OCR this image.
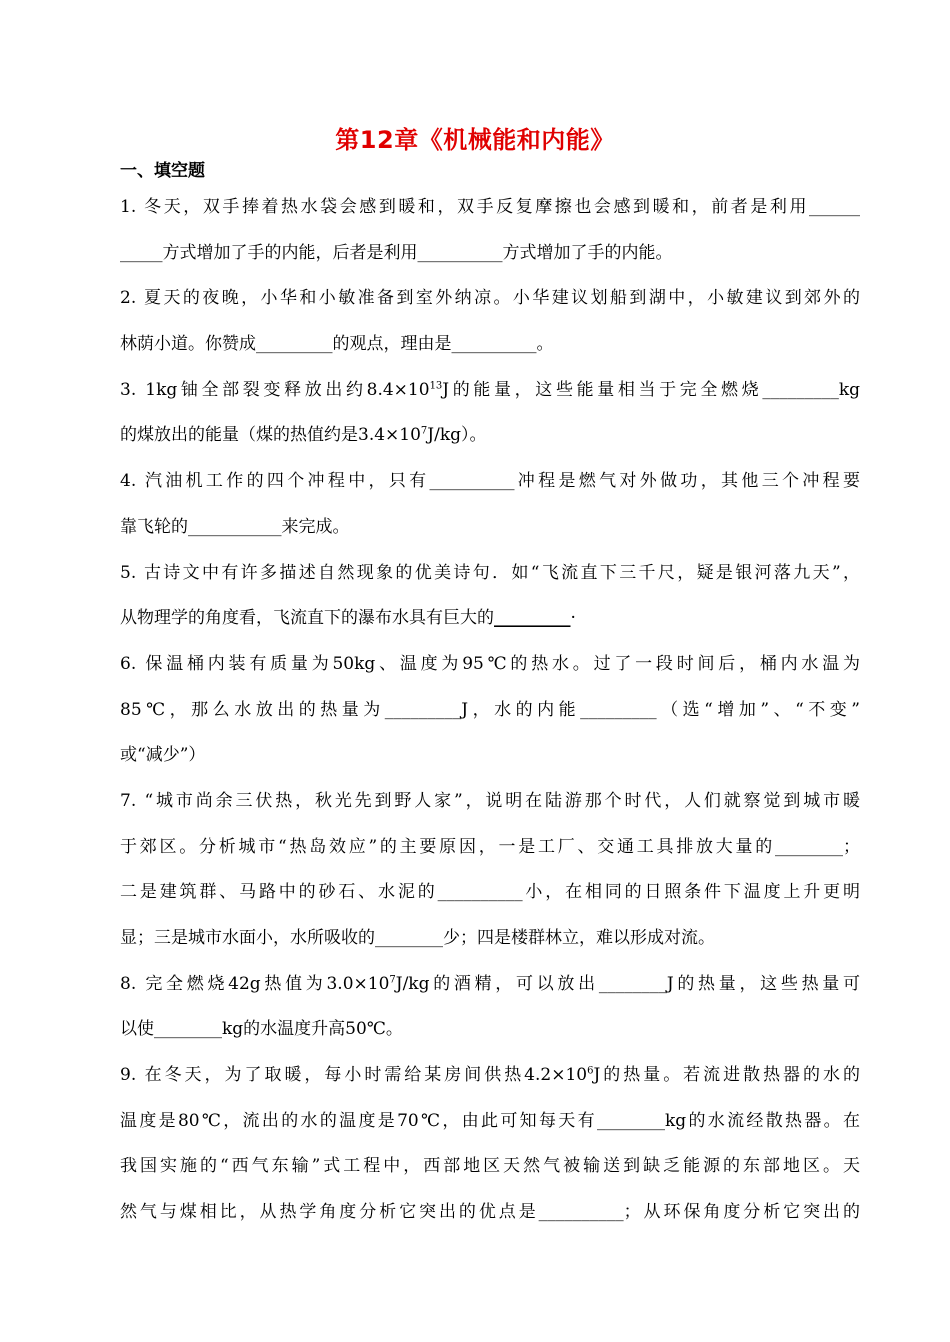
第12章《机械能和内能》
一、填空题
1. 冬天，双手捧着热水袋会感到暖和，双手反复摩擦也会感到暖和，前者是利用______
_____方式增加了手的内能，后者是利用__________方式增加了手的内能。
2. 夏天的夜晚，小华和小敏准备到室外纳凉。小华建议划船到湖中，小敏建议到郊外的
林荫小道。你赞成_________的观点，理由是__________。
3. 1kg铀全部裂变释放出约$8.4\times 10^{13}J$的能量，这些能量相当于完全燃烧_________kg
的煤放出的能量（煤的热值约是$3.4\times 10^7J/kg$）。
4. 汽油机工作的四个冲程中，只有__________冲程是燃气对外做功，其他三个冲程要
靠飞轮的___________来完成。
5. 古诗文中有许多描述自然现象的优美诗句．如“飞流直下三千尺，疑是银河落九天”，
从物理学的角度看，飞流直下的瀑布水具有巨大的_________·
6. 保温桶内装有质量为50kg、温度为95℃的热水。过了一段时间后，桶内水温为
85℃，那么水放出的热量为_________J，水的内能_________（选“增加”、“不变”
或“减少”）
7. “城市尚余三伏热，秋光先到野人家”，说明在陆游那个时代，人们就察觉到城市暖
于郊区。分析城市“热岛效应”的主要原因，一是工厂、交通工具排放大量的________；
二是建筑群、马路中的砂石、水泥的__________小，在相同的日照条件下温度上升更明
显；三是城市水面小，水所吸收的________少；四是楼群林立，难以形成对流。
8. 完全燃烧42g热值为$3.0\times 10^7J/kg$的酒精，可以放出________J的热量，这些热量可
以使________kg的水温度升高50℃。
9. 在冬天，为了取暖，每小时需给某房间供热$4.2\times 10^6J$的热量。若流进散热器的水的
温度是80℃，流出的水的温度是70℃，由此可知每天有________kg的水流经散热器。在
我国实施的“西气东输”式工程中，西部地区天然气被输送到缺乏能源的东部地区。天
然气与煤相比，从热学角度分析它突出的优点是__________；从环保角度分析它突出的
